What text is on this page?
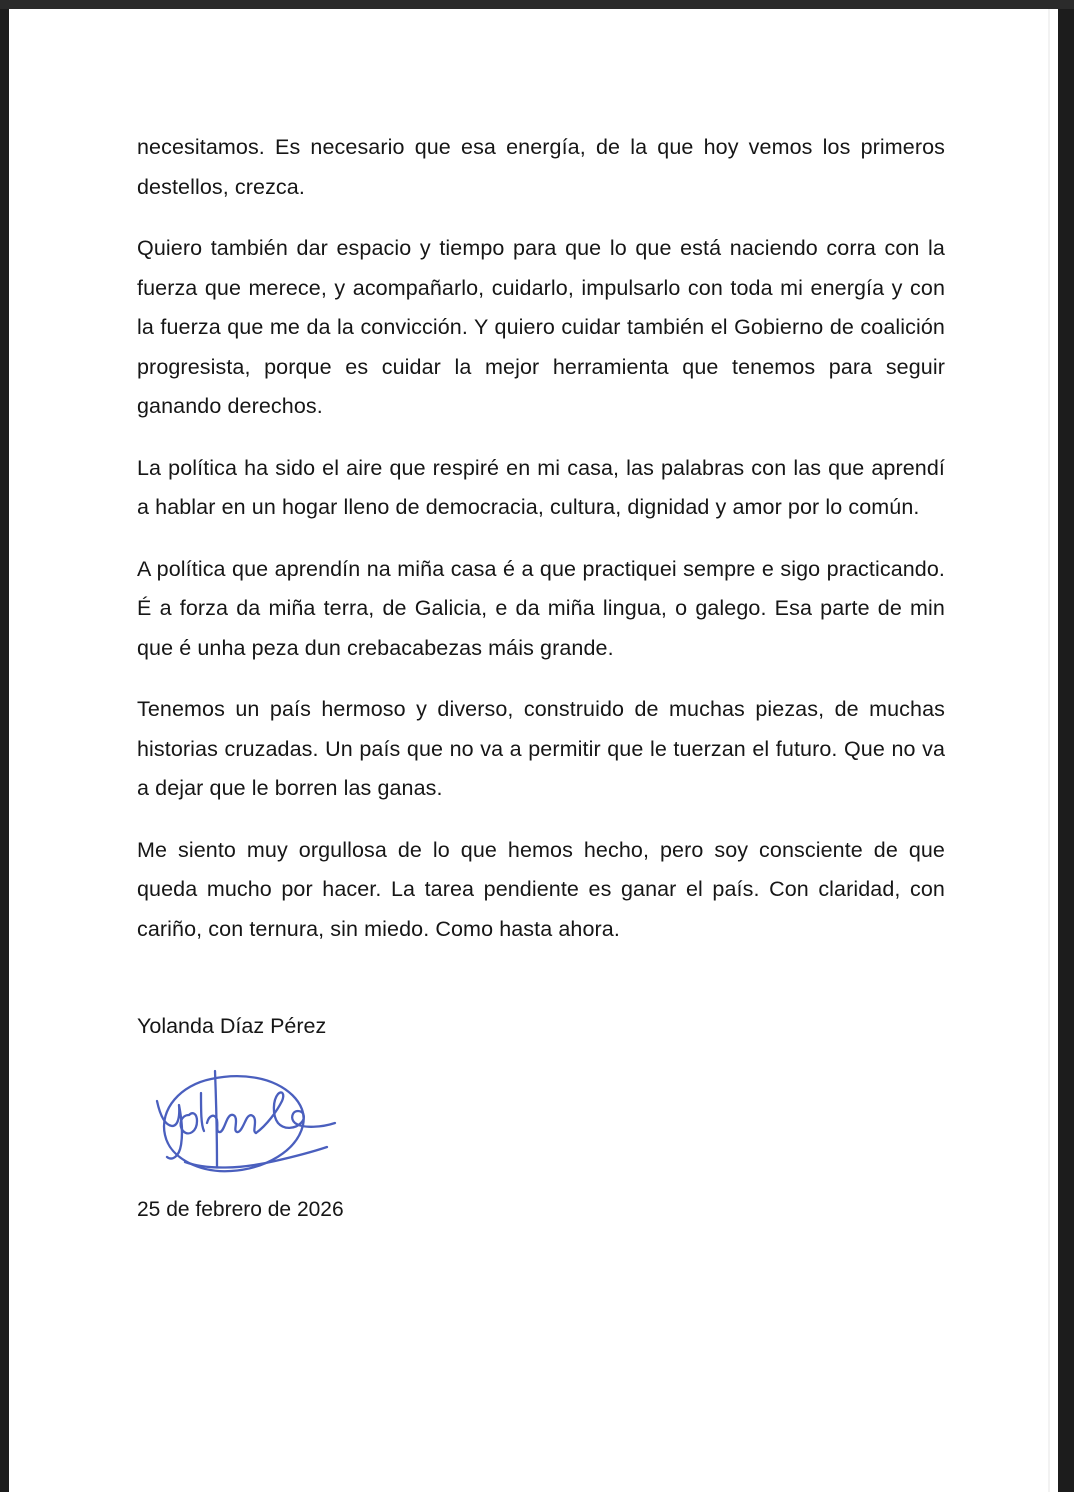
necesitamos. Es necesario que esa energía, de la que hoy vemos los primeros destellos, crezca.

Quiero también dar espacio y tiempo para que lo que está naciendo corra con la fuerza que merece, y acompañarlo, cuidarlo, impulsarlo con toda mi energía y con la fuerza que me da la convicción. Y quiero cuidar también el Gobierno de coalición progresista, porque es cuidar la mejor herramienta que tenemos para seguir ganando derechos.

La política ha sido el aire que respiré en mi casa, las palabras con las que aprendí a hablar en un hogar lleno de democracia, cultura, dignidad y amor por lo común.

A política que aprendín na miña casa é a que practiquei sempre e sigo practicando. É a forza da miña terra, de Galicia, e da miña lingua, o galego. Esa parte de min que é unha peza dun crebacabezas máis grande.

Tenemos un país hermoso y diverso, construido de muchas piezas, de muchas historias cruzadas. Un país que no va a permitir que le tuerzan el futuro. Que no va a dejar que le borren las ganas.

Me siento muy orgullosa de lo que hemos hecho, pero soy consciente de que queda mucho por hacer. La tarea pendiente es ganar el país. Con claridad, con cariño, con ternura, sin miedo. Como hasta ahora.

Yolanda Díaz Pérez

25 de febrero de 2026
